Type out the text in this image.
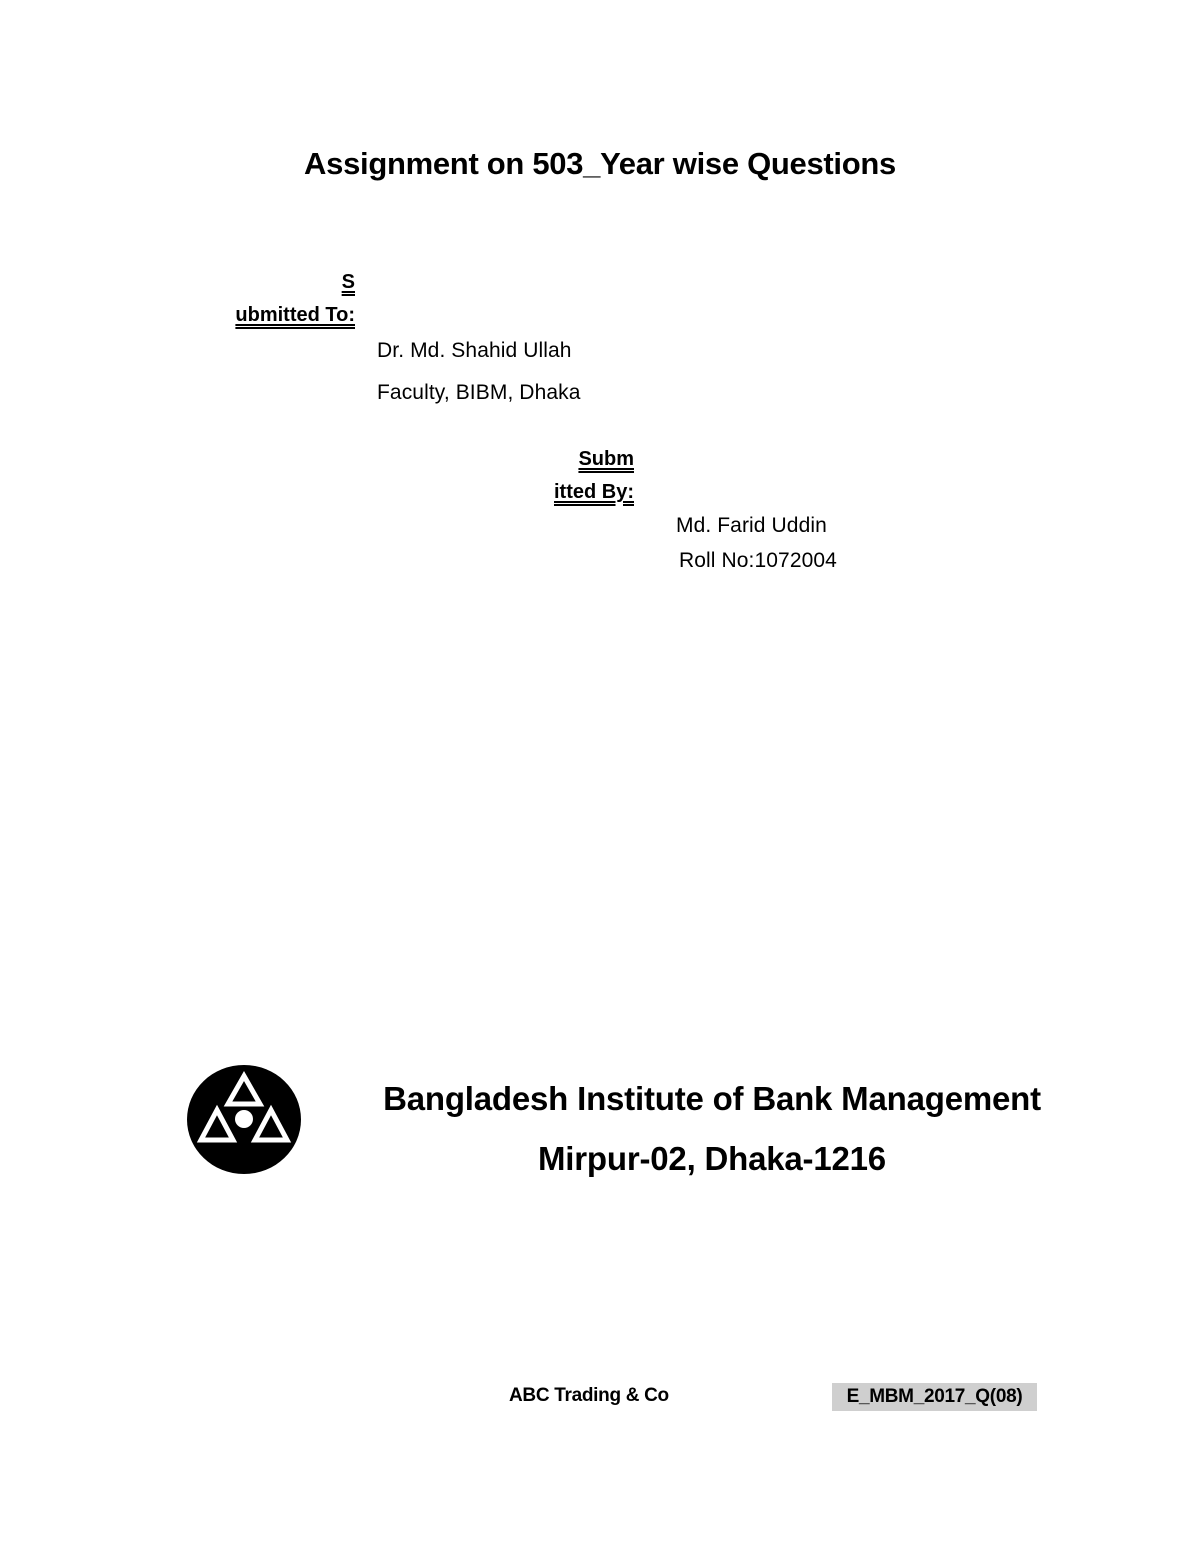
Assignment on 503_Year wise Questions
S
ubmitted To:
Dr. Md. Shahid Ullah
Faculty, BIBM, Dhaka
Subm
itted By:
Md. Farid Uddin
Roll No:1072004
Bangladesh Institute of Bank Management
Mirpur-02, Dhaka-1216
ABC Trading & Co	E_MBM_2017_Q(08)
